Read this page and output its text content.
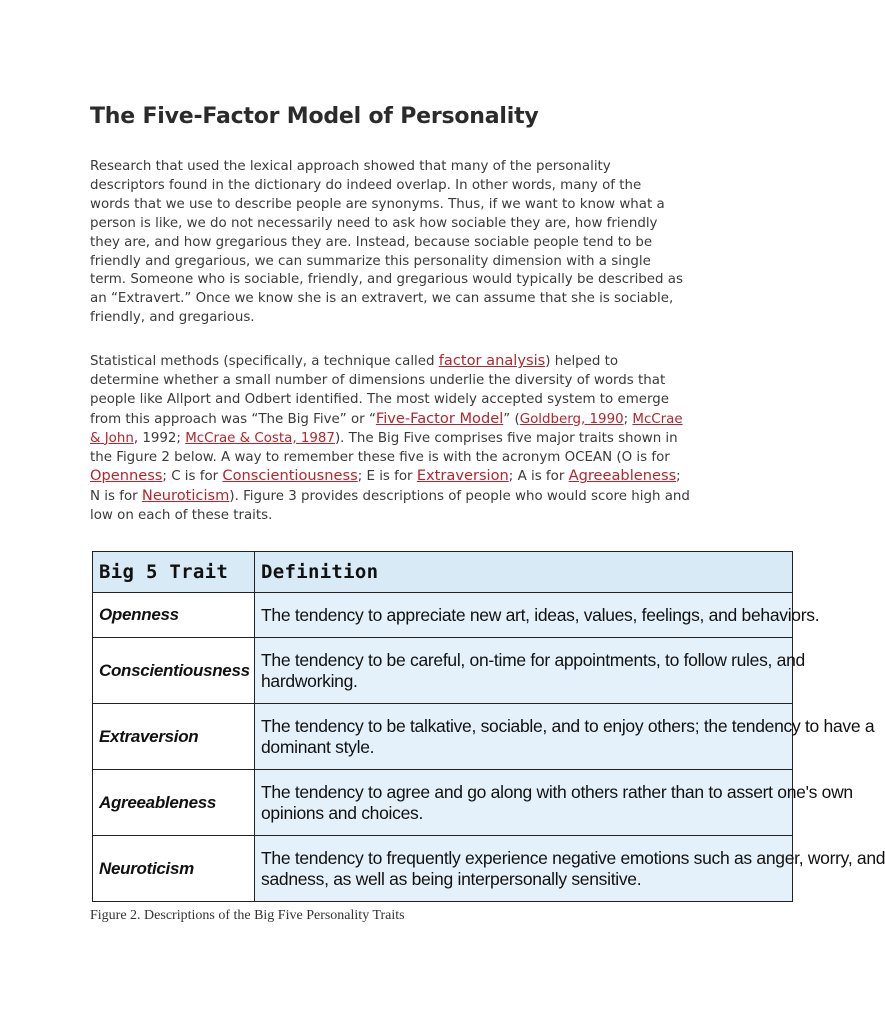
The Five-Factor Model of Personality

Research that used the lexical approach showed that many of the personality
descriptors found in the dictionary do indeed overlap. In other words, many of the
words that we use to describe people are synonyms. Thus, if we want to know what a
person is like, we do not necessarily need to ask how sociable they are, how friendly
they are, and how gregarious they are. Instead, because sociable people tend to be
friendly and gregarious, we can summarize this personality dimension with a single
term. Someone who is sociable, friendly, and gregarious would typically be described as
an “Extravert.” Once we know she is an extravert, we can assume that she is sociable,
friendly, and gregarious.

Statistical methods (specifically, a technique called factor analysis) helped to determine whether a small number of dimensions underlie the diversity of words that people like Allport and Odbert identified. The most widely accepted system to emerge from this approach was “The Big Five” or “Five-Factor Model” (Goldberg, 1990; McCrae & John, 1992; McCrae & Costa, 1987). The Big Five comprises five major traits shown in the Figure 2 below. A way to remember these five is with the acronym OCEAN (O is for Openness; C is for Conscientiousness; E is for Extraversion; A is for Agreeableness; N is for Neuroticism). Figure 3 provides descriptions of people who would score high and low on each of these traits.

Big 5 Trait	Definition
Openness	The tendency to appreciate new art, ideas, values, feelings, and behaviors.
Conscientiousness	The tendency to be careful, on-time for appointments, to follow rules, and
hardworking.
Extraversion	The tendency to be talkative, sociable, and to enjoy others; the tendency to have a
dominant style.
Agreeableness	The tendency to agree and go along with others rather than to assert one's own
opinions and choices.
Neuroticism	The tendency to frequently experience negative emotions such as anger, worry, and
sadness, as well as being interpersonally sensitive.

Figure 2. Descriptions of the Big Five Personality Traits
